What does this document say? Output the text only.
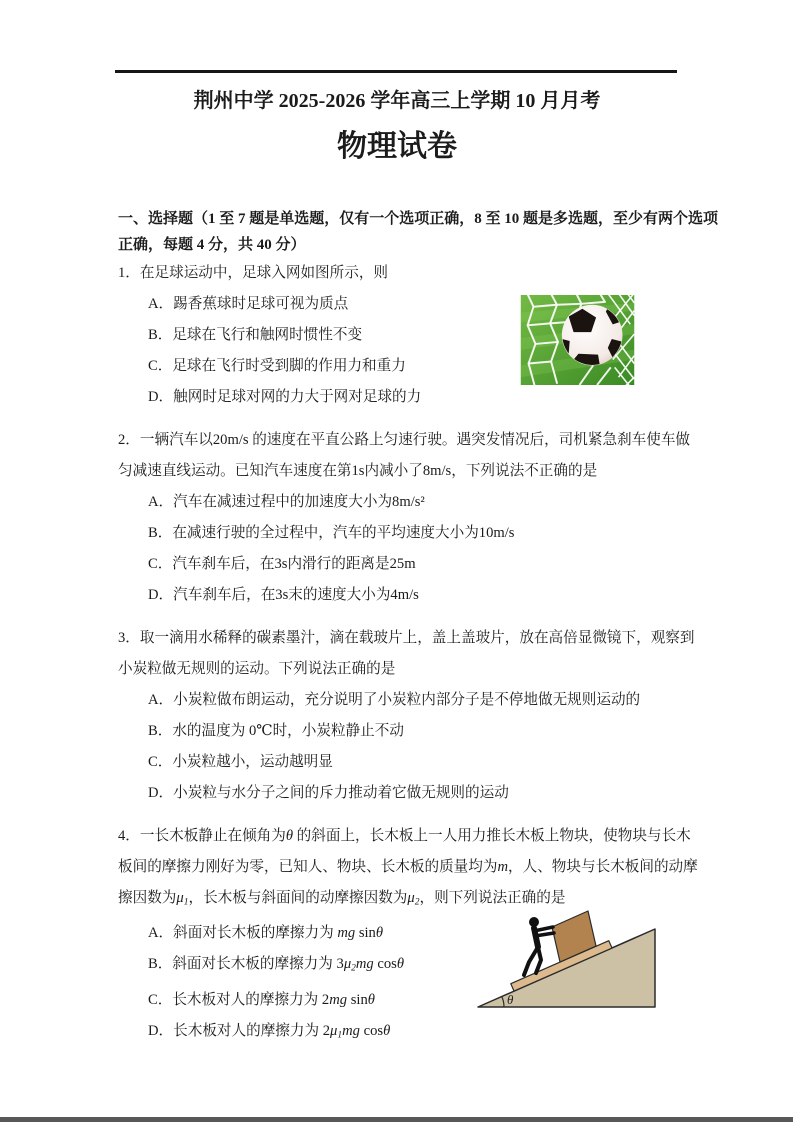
荆州中学 2025-2026 学年高三上学期 10 月月考
物理试卷
一、选择题（1 至 7 题是单选题，仅有一个选项正确，8 至 10 题是多选题，至少有两个选项
正确，每题 4 分，共 40 分）
1．在足球运动中，足球入网如图所示，则
A．踢香蕉球时足球可视为质点
B．足球在飞行和触网时惯性不变
C．足球在飞行时受到脚的作用力和重力
D．触网时足球对网的力大于网对足球的力
2．一辆汽车以20m/s 的速度在平直公路上匀速行驶。遇突发情况后，司机紧急刹车使车做
匀减速直线运动。已知汽车速度在第1s内减小了8m/s，下列说法不正确的是
A．汽车在减速过程中的加速度大小为8m/s²
B．在减速行驶的全过程中，汽车的平均速度大小为10m/s
C．汽车刹车后，在3s内滑行的距离是25m
D．汽车刹车后，在3s末的速度大小为4m/s
3．取一滴用水稀释的碳素墨汁，滴在载玻片上，盖上盖玻片，放在高倍显微镜下，观察到
小炭粒做无规则的运动。下列说法正确的是
A．小炭粒做布朗运动，充分说明了小炭粒内部分子是不停地做无规则运动的
B．水的温度为 0℃时，小炭粒静止不动
C．小炭粒越小，运动越明显
D．小炭粒与水分子之间的斥力推动着它做无规则的运动
4．一长木板静止在倾角为θ 的斜面上，长木板上一人用力推长木板上物块，使物块与长木
板间的摩擦力刚好为零，已知人、物块、长木板的质量均为m，人、物块与长木板间的动摩
擦因数为$\mu_1$，长木板与斜面间的动摩擦因数为$\mu_2$，则下列说法正确的是
A．斜面对长木板的摩擦力为 mg sinθ
B．斜面对长木板的摩擦力为 $3\mu_2mg$ cosθ
C．长木板对人的摩擦力为 2mg sinθ
D．长木板对人的摩擦力为 $2\mu_1mg$ cosθ
θ
